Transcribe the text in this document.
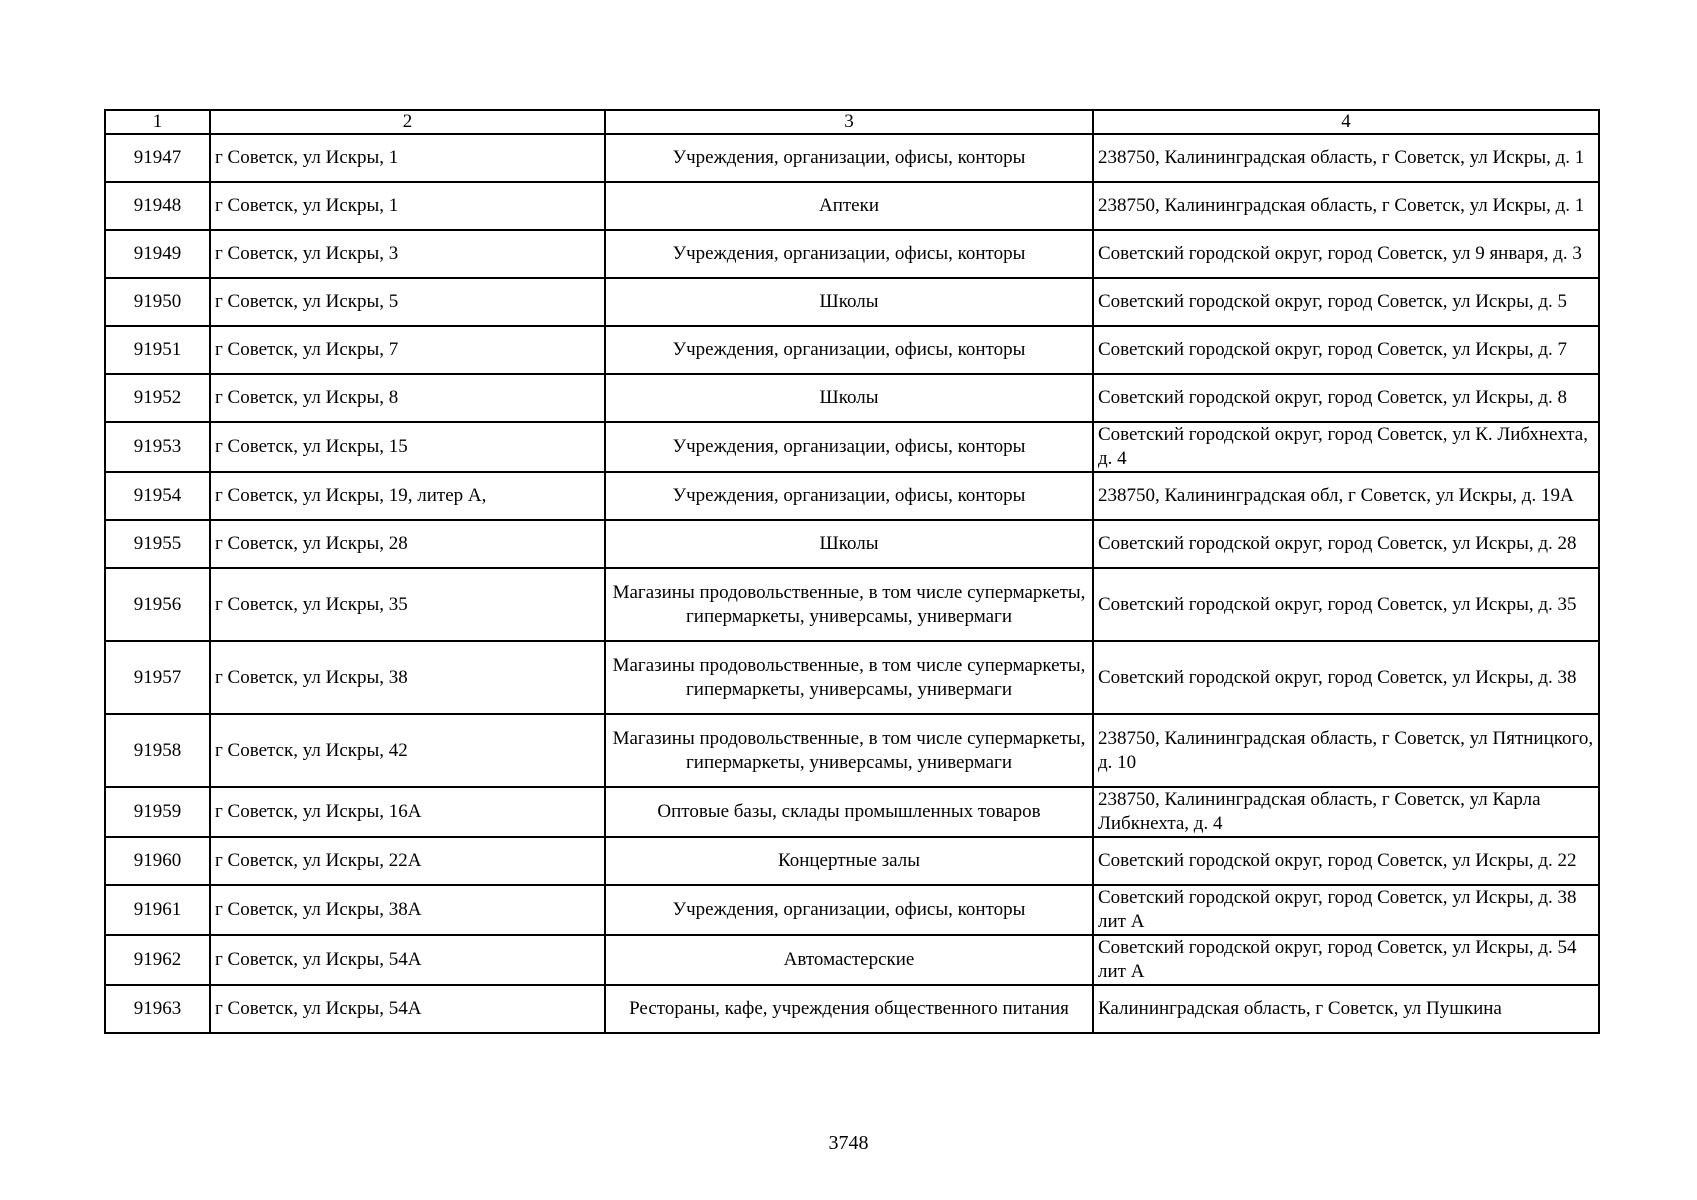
1	2	3	4
91947	г Советск, ул Искры, 1	Учреждения, организации, офисы, конторы	238750, Калининградская область, г Советск, ул Искры, д. 1
91948	г Советск, ул Искры, 1	Аптеки	238750, Калининградская область, г Советск, ул Искры, д. 1
91949	г Советск, ул Искры, 3	Учреждения, организации, офисы, конторы	Советский городской округ, город Советск, ул 9 января, д. 3
91950	г Советск, ул Искры, 5	Школы	Советский городской округ, город Советск, ул Искры, д. 5
91951	г Советск, ул Искры, 7	Учреждения, организации, офисы, конторы	Советский городской округ, город Советск, ул Искры, д. 7
91952	г Советск, ул Искры, 8	Школы	Советский городской округ, город Советск, ул Искры, д. 8
91953	г Советск, ул Искры, 15	Учреждения, организации, офисы, конторы	Советский городской округ, город Советск, ул К. Либхнехта, д. 4
91954	г Советск, ул Искры, 19, литер А,	Учреждения, организации, офисы, конторы	238750, Калининградская обл, г Советск, ул Искры, д. 19А
91955	г Советск, ул Искры, 28	Школы	Советский городской округ, город Советск, ул Искры, д. 28
91956	г Советск, ул Искры, 35	Магазины продовольственные, в том числе супермаркеты, гипермаркеты, универсамы, универмаги	Советский городской округ, город Советск, ул Искры, д. 35
91957	г Советск, ул Искры, 38	Магазины продовольственные, в том числе супермаркеты, гипермаркеты, универсамы, универмаги	Советский городской округ, город Советск, ул Искры, д. 38
91958	г Советск, ул Искры, 42	Магазины продовольственные, в том числе супермаркеты, гипермаркеты, универсамы, универмаги	238750, Калининградская область, г Советск, ул Пятницкого, д. 10
91959	г Советск, ул Искры, 16А	Оптовые базы, склады промышленных товаров	238750, Калининградская область, г Советск, ул Карла Либкнехта, д. 4
91960	г Советск, ул Искры, 22А	Концертные залы	Советский городской округ, город Советск, ул Искры, д. 22
91961	г Советск, ул Искры, 38А	Учреждения, организации, офисы, конторы	Советский городской округ, город Советск, ул Искры, д. 38 лит А
91962	г Советск, ул Искры, 54А	Автомастерские	Советский городской округ, город Советск, ул Искры, д. 54 лит А
91963	г Советск, ул Искры, 54А	Рестораны, кафе, учреждения общественного питания	Калининградская область, г Советск, ул Пушкина
3748
